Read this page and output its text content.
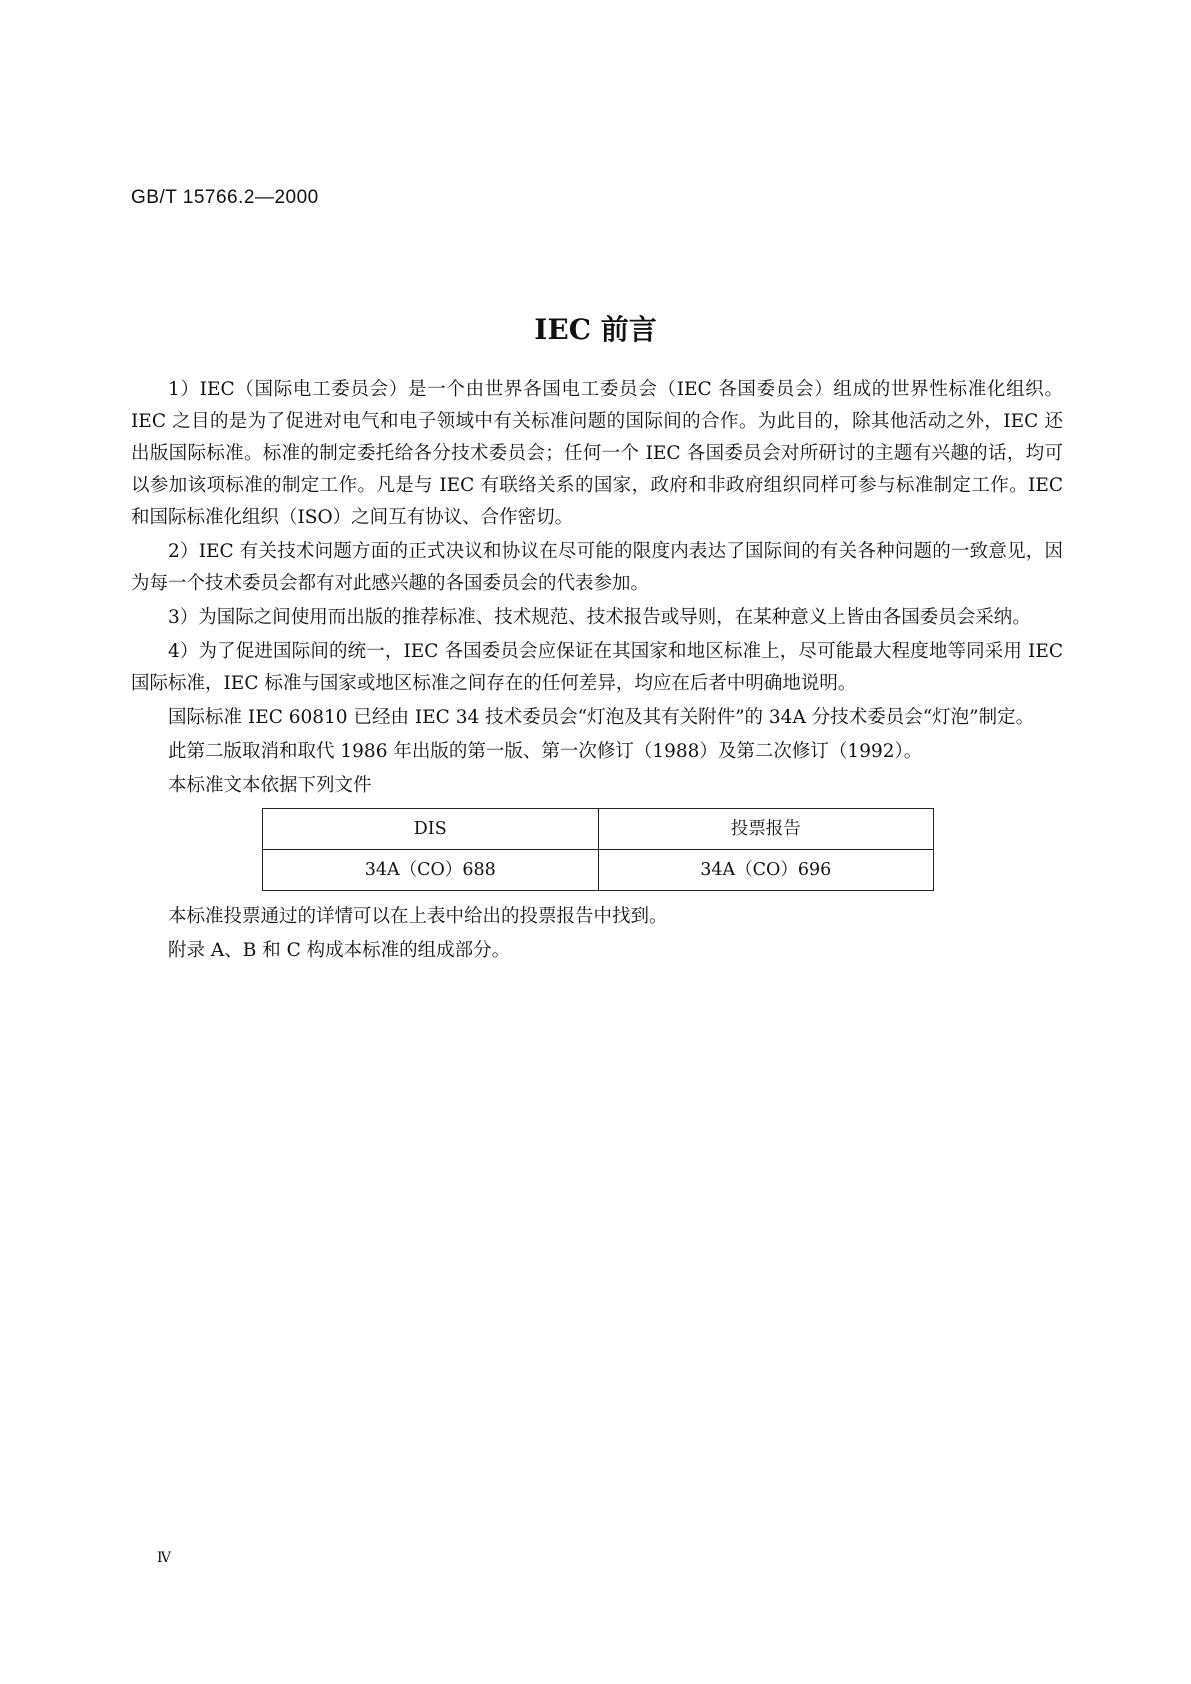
GB/T 15766.2—2000
IEC 前言

1）IEC（国际电工委员会）是一个由世界各国电工委员会（IEC 各国委员会）组成的世界性标准化组织。IEC 之目的是为了促进对电气和电子领域中有关标准问题的国际间的合作。为此目的，除其他活动之外，IEC 还出版国际标准。标准的制定委托给各分技术委员会；任何一个 IEC 各国委员会对所研讨的主题有兴趣的话，均可以参加该项标准的制定工作。凡是与 IEC 有联络关系的国家，政府和非政府组织同样可参与标准制定工作。IEC 和国际标准化组织（ISO）之间互有协议、合作密切。

2）IEC 有关技术问题方面的正式决议和协议在尽可能的限度内表达了国际间的有关各种问题的一致意见，因为每一个技术委员会都有对此感兴趣的各国委员会的代表参加。

3）为国际之间使用而出版的推荐标准、技术规范、技术报告或导则，在某种意义上皆由各国委员会采纳。

4）为了促进国际间的统一，IEC 各国委员会应保证在其国家和地区标准上，尽可能最大程度地等同采用 IEC 国际标准，IEC 标准与国家或地区标准之间存在的任何差异，均应在后者中明确地说明。

国际标准 IEC 60810 已经由 IEC 34 技术委员会“灯泡及其有关附件”的 34A 分技术委员会“灯泡”制定。

此第二版取消和取代 1986 年出版的第一版、第一次修订（1988）及第二次修订（1992）。

本标准文本依据下列文件

DIS	投票报告
34A（CO）688	34A（CO）696

本标准投票通过的详情可以在上表中给出的投票报告中找到。

附录 A、B 和 C 构成本标准的组成部分。

Ⅳ
